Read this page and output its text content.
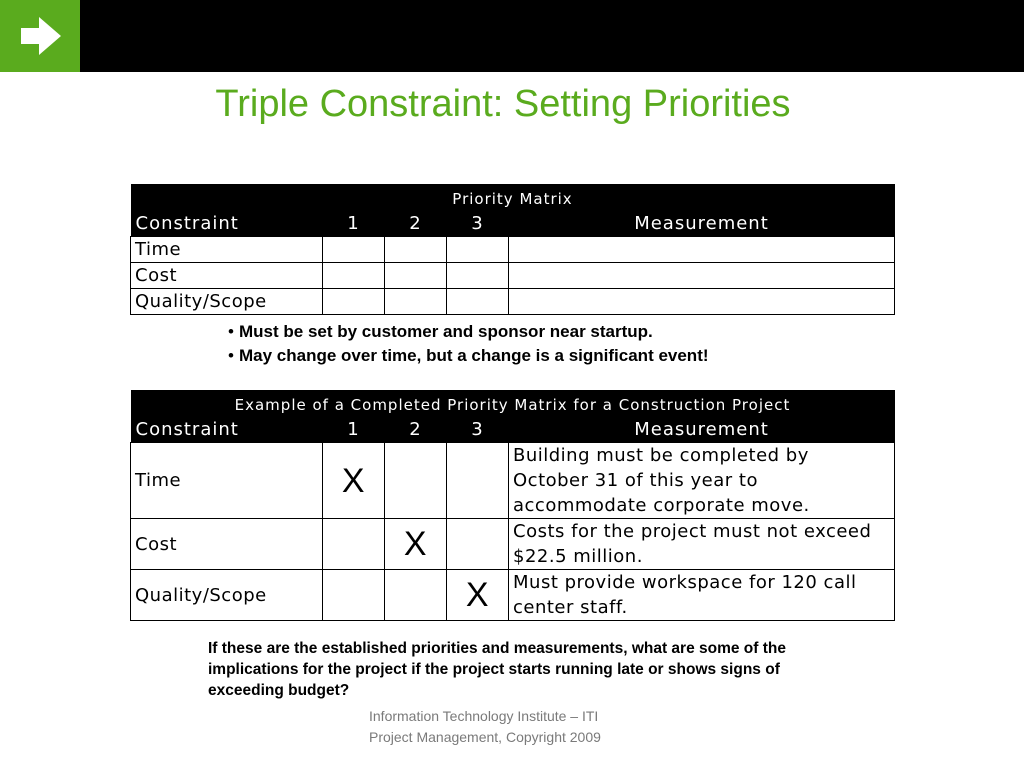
Triple Constraint: Setting Priorities
Priority Matrix				
Constraint	1	2	3	Measurement
Time				
Cost				
Quality/Scope				
• Must be set by customer and sponsor near startup.
• May change over time, but a change is a significant event!
Example of a Completed Priority Matrix for a Construction Project				
Constraint	1	2	3	Measurement
Time	X			Building must be completed by October 31 of this year to accommodate corporate move.
Cost		X		Costs for the project must not exceed $22.5 million.
Quality/Scope			X	Must provide workspace for 120 call center staff.

If these are the established priorities and measurements, what are some of the implications for the project if the project starts running late or shows signs of exceeding budget?

Information Technology Institute – ITI
Project Management, Copyright 2009
